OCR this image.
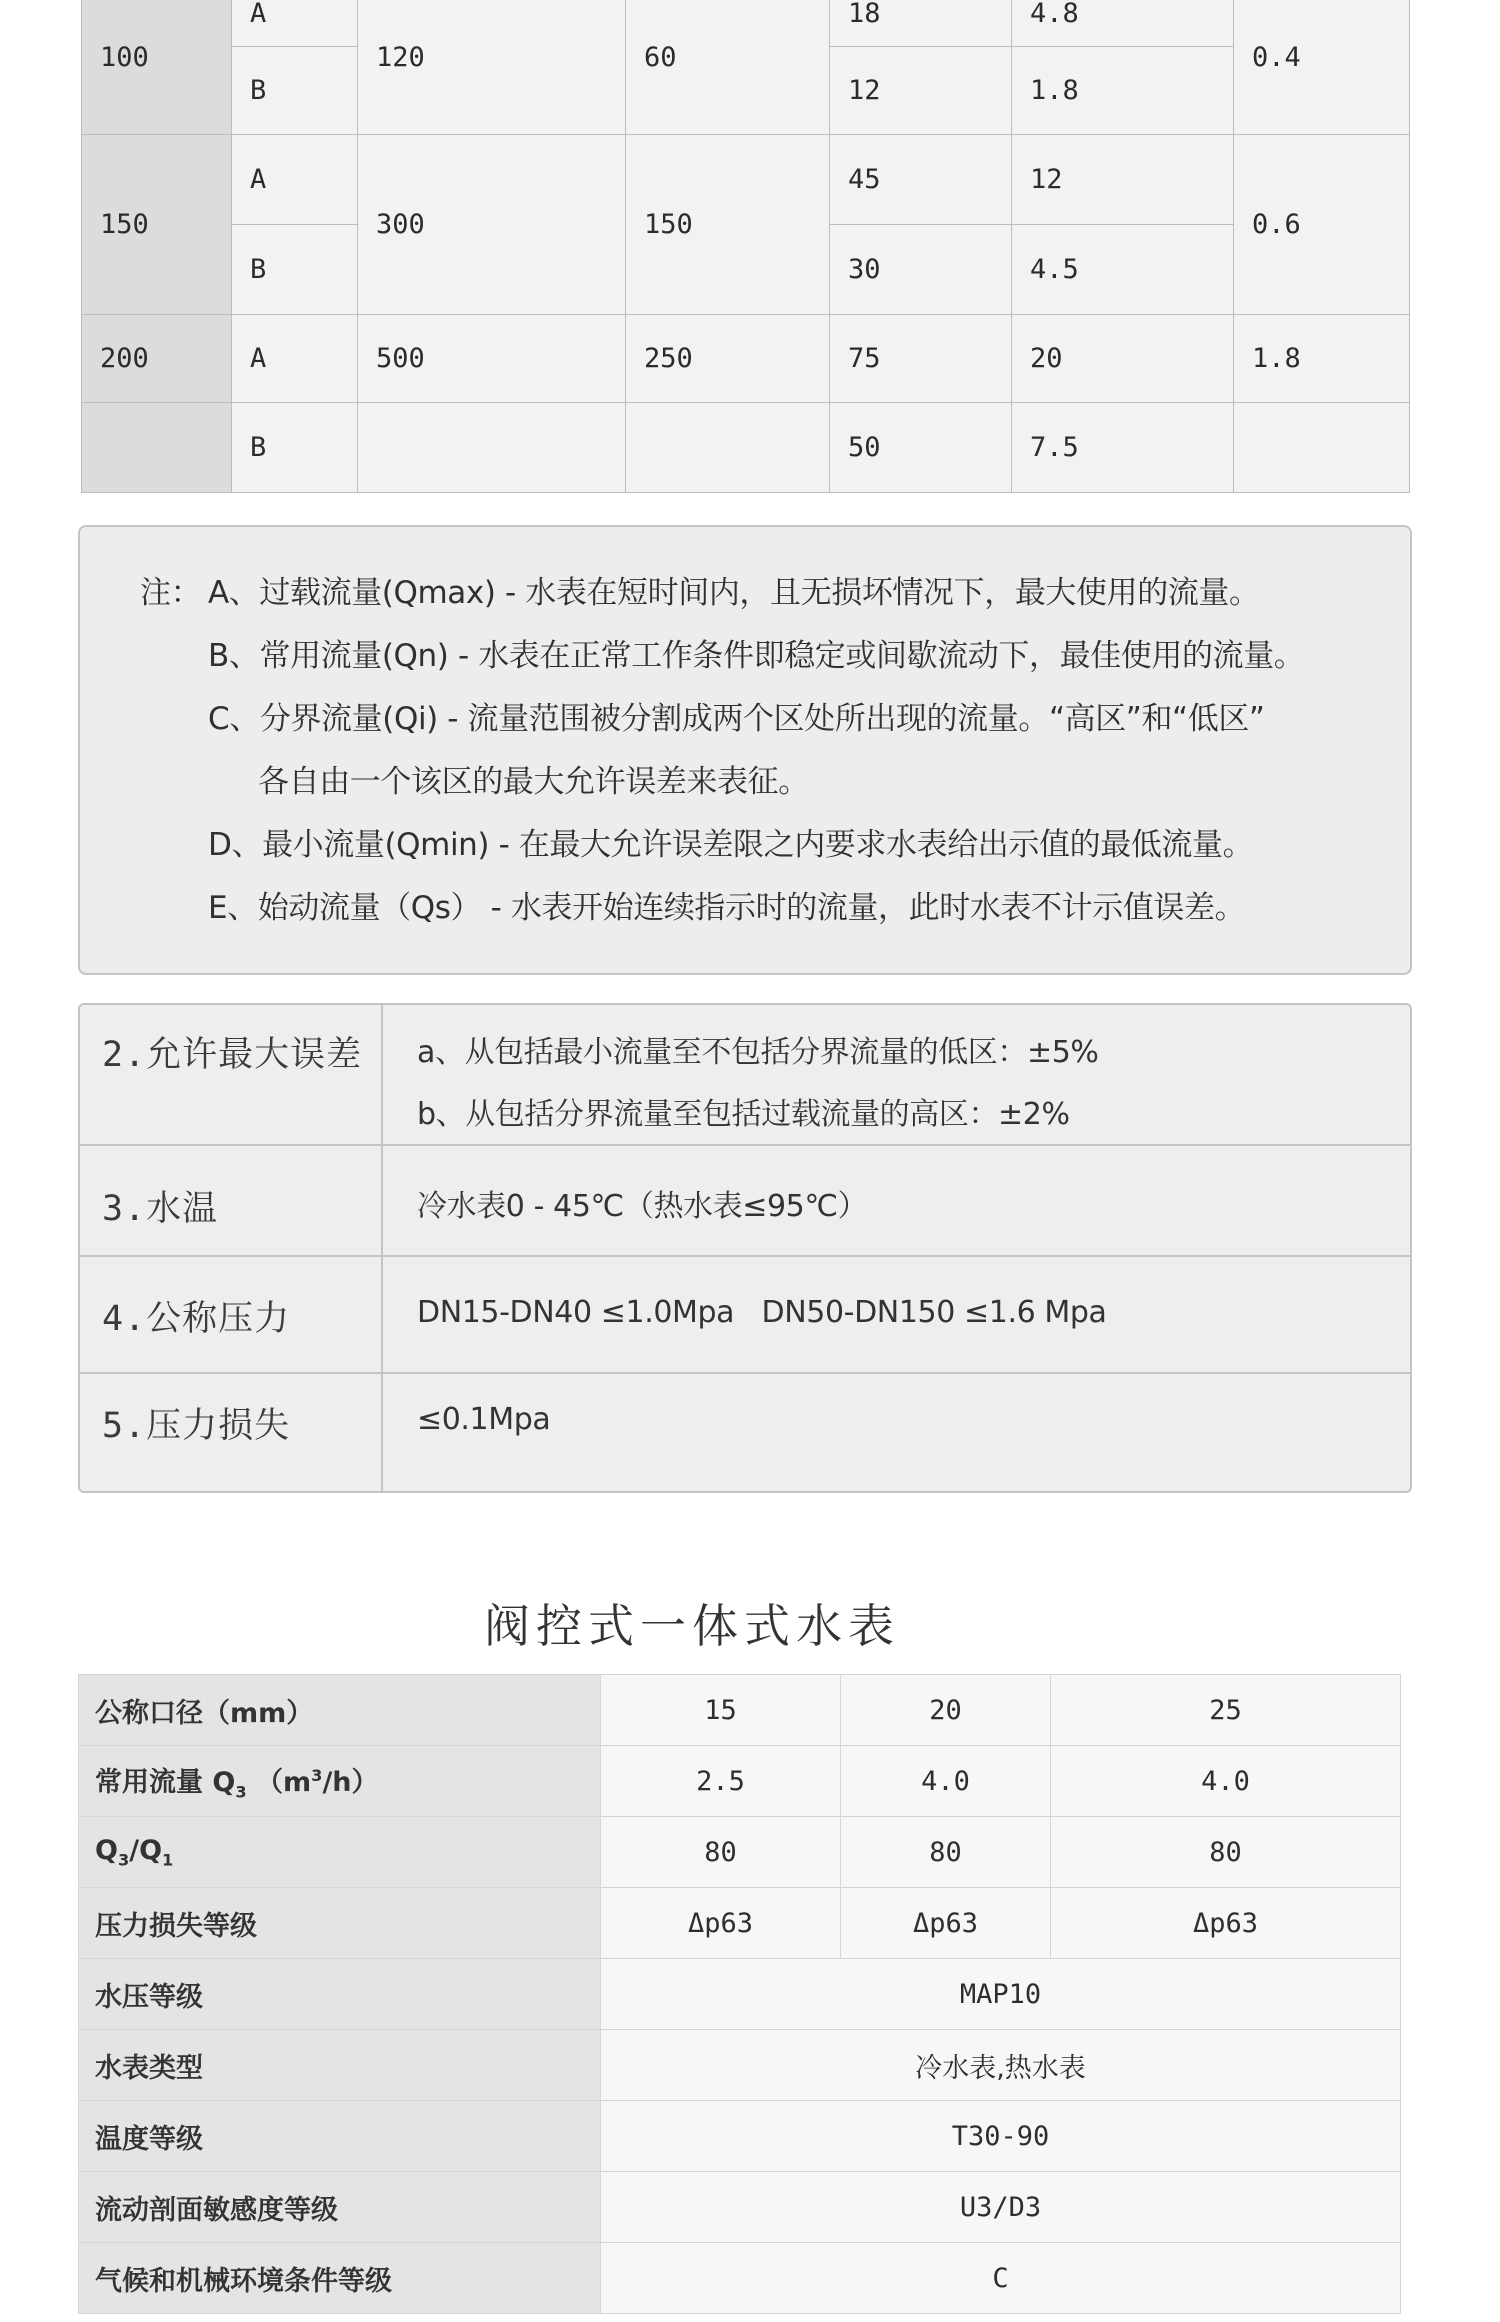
100	A	120	60	18	4.8	0.4
	B			12	1.8	
150	A	300	150	45	12	0.6
	B			30	4.5	
200	A	500	250	75	20	1.8
	B			50	7.5	
注： A、过载流量(Qmax) - 水表在短时间内，且无损坏情况下，最大使用的流量。
B、常用流量(Qn) - 水表在正常工作条件即稳定或间歇流动下，最佳使用的流量。
C、分界流量(Qi) - 流量范围被分割成两个区处所出现的流量。“高区”和“低区”
各自由一个该区的最大允许误差来表征。
D、最小流量(Qmin) - 在最大允许误差限之内要求水表给出示值的最低流量。
E、始动流量（Qs） - 水表开始连续指示时的流量，此时水表不计示值误差。
2.允许最大误差 a、从包括最小流量至不包括分界流量的低区：±5%
b、从包括分界流量至包括过载流量的高区：±2%
3.水温	冷水表0 - 45℃（热水表≤95℃）
4.公称压力	DN15-DN40 ≤1.0Mpa   DN50-DN150 ≤1.6 Mpa
5.压力损失	≤0.1Mpa
阀控式一体式水表
公称口径（mm）	15	20	25
常用流量 $Q_3$ $(m^3/h)$	2.5	4.0	4.0
$Q_3/Q_1$	80	80	80
压力损失等级	Δp63	Δp63	Δp63
水压等级	MAP10		
水表类型	冷水表,热水表		
温度等级	T30-90		
流动剖面敏感度等级	U3/D3		
气候和机械环境条件等级	C		
